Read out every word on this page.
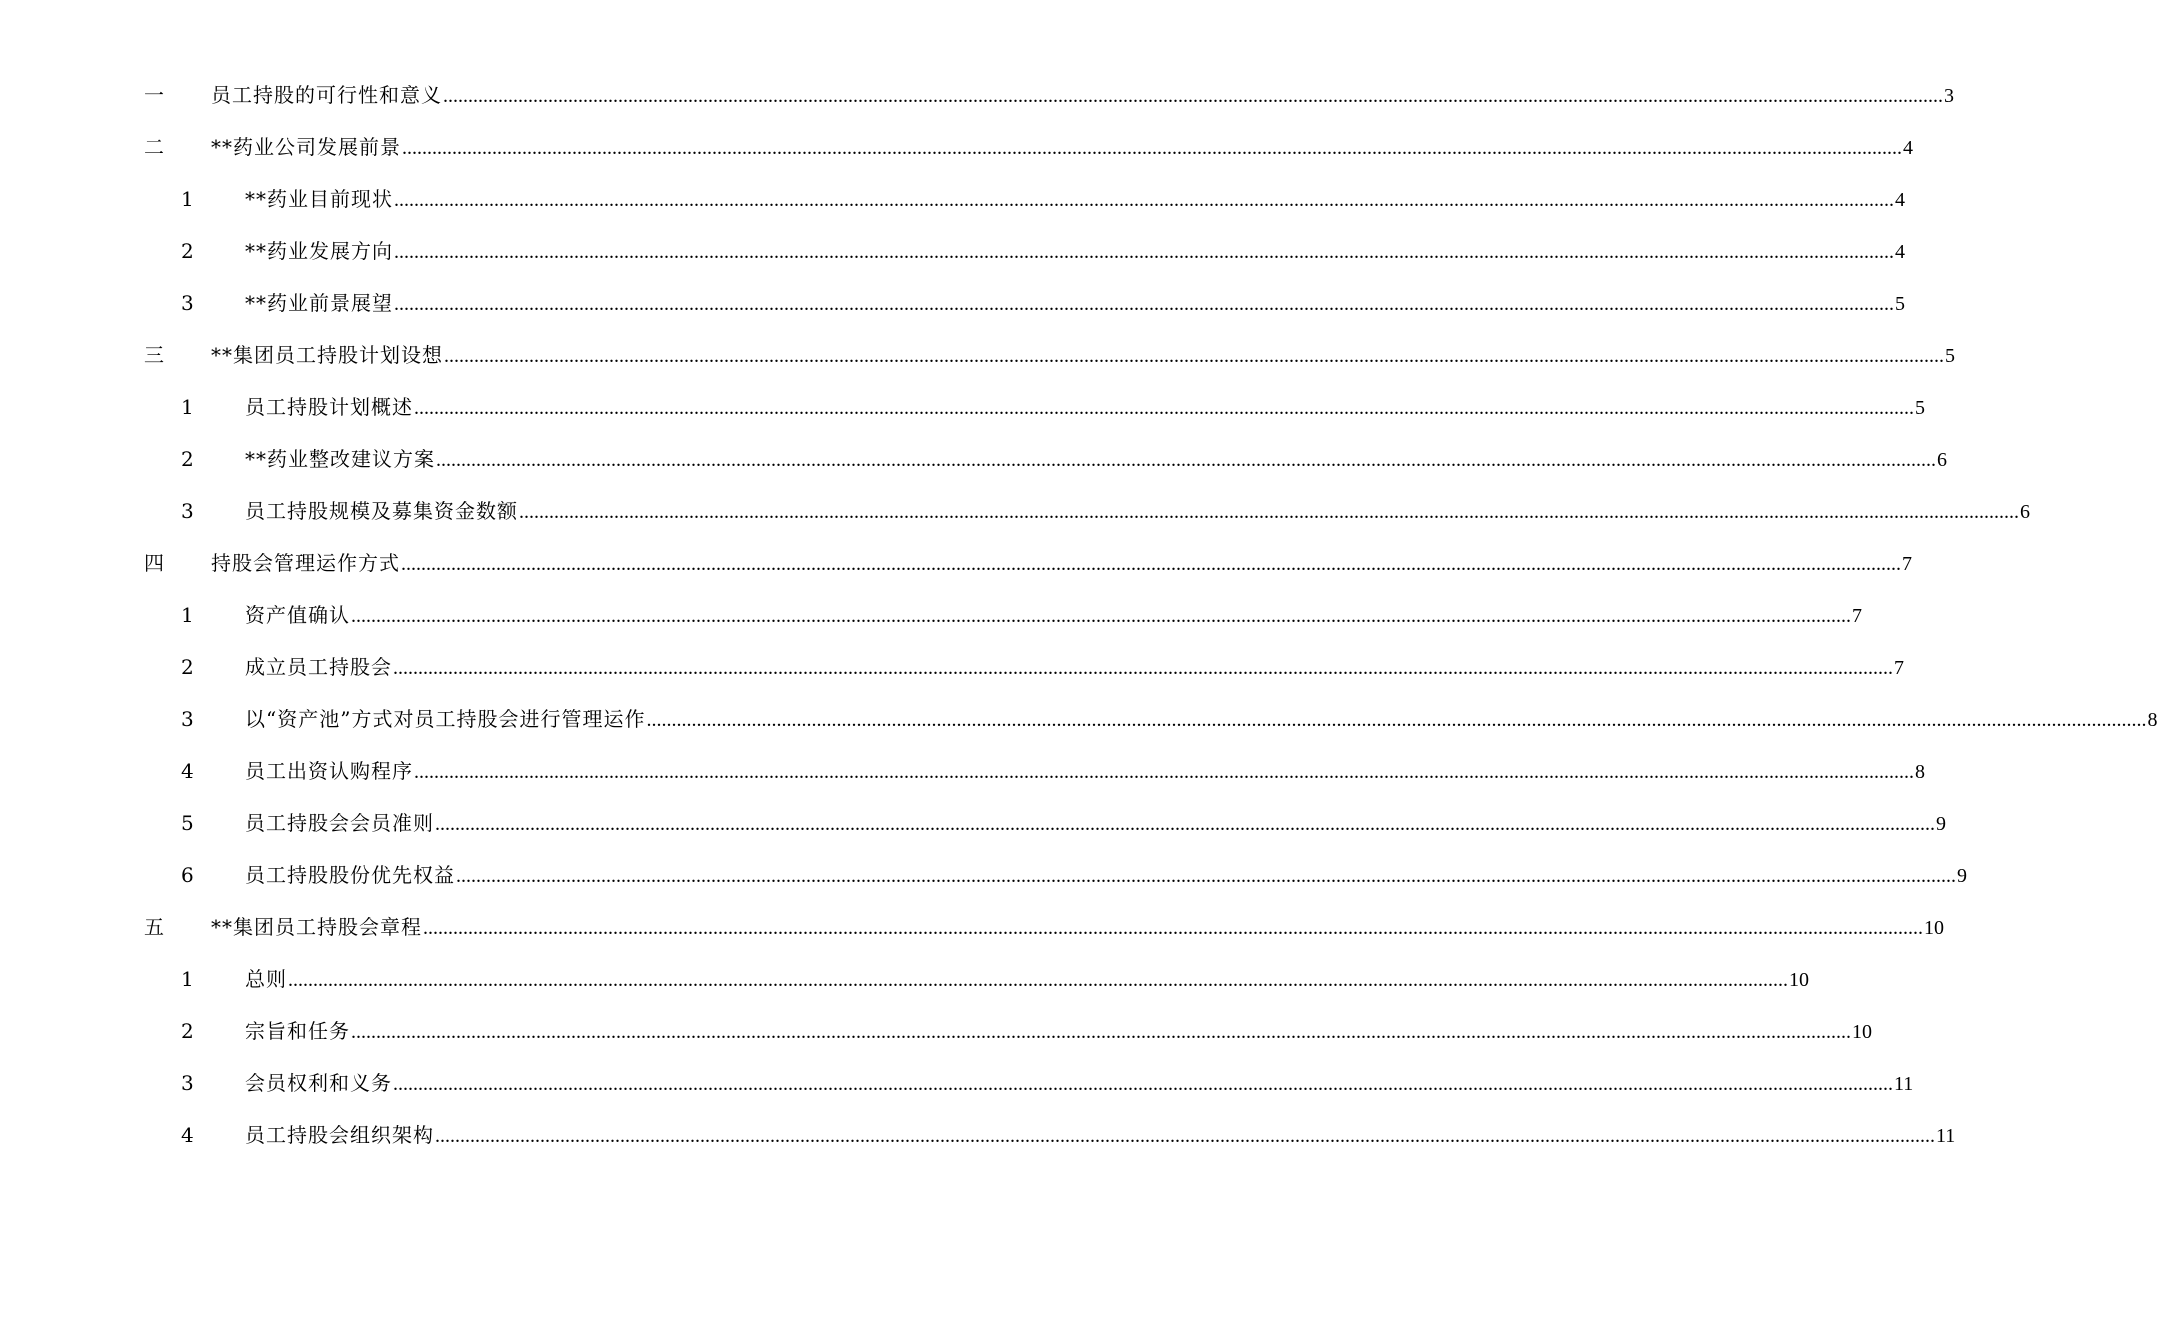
一 员工持股的可行性和意义 ............................................................................................................................................................................................................................................................................................................ 3
二 **药业公司发展前景 ............................................................................................................................................................................................................................................................................................................ 4
1	**药业目前现状 ............................................................................................................................................................................................................................................................................................................ 4
2	**药业发展方向 ............................................................................................................................................................................................................................................................................................................ 4
3	**药业前景展望 ............................................................................................................................................................................................................................................................................................................ 5
三 **集团员工持股计划设想 ............................................................................................................................................................................................................................................................................................................ 5
1	员工持股计划概述 ............................................................................................................................................................................................................................................................................................................ 5
2	**药业整改建议方案 ............................................................................................................................................................................................................................................................................................................ 6
3	员工持股规模及募集资金数额 ............................................................................................................................................................................................................................................................................................................ 6
四 持股会管理运作方式 ............................................................................................................................................................................................................................................................................................................ 7
1	资产值确认 ............................................................................................................................................................................................................................................................................................................ 7
2	成立员工持股会 ............................................................................................................................................................................................................................................................................................................ 7
3	以“资产池”方式对员工持股会进行管理运作 ............................................................................................................................................................................................................................................................................................................ 8
4	员工出资认购程序 ............................................................................................................................................................................................................................................................................................................ 8
5	员工持股会会员准则 ............................................................................................................................................................................................................................................................................................................ 9
6	员工持股股份优先权益 ............................................................................................................................................................................................................................................................................................................ 9
五 **集团员工持股会章程 ............................................................................................................................................................................................................................................................................................................ 10
1	总则 ............................................................................................................................................................................................................................................................................................................ 10
2	宗旨和任务 ............................................................................................................................................................................................................................................................................................................ 10
3	会员权利和义务 ............................................................................................................................................................................................................................................................................................................ 11
4	员工持股会组织架构 ............................................................................................................................................................................................................................................................................................................ 11
